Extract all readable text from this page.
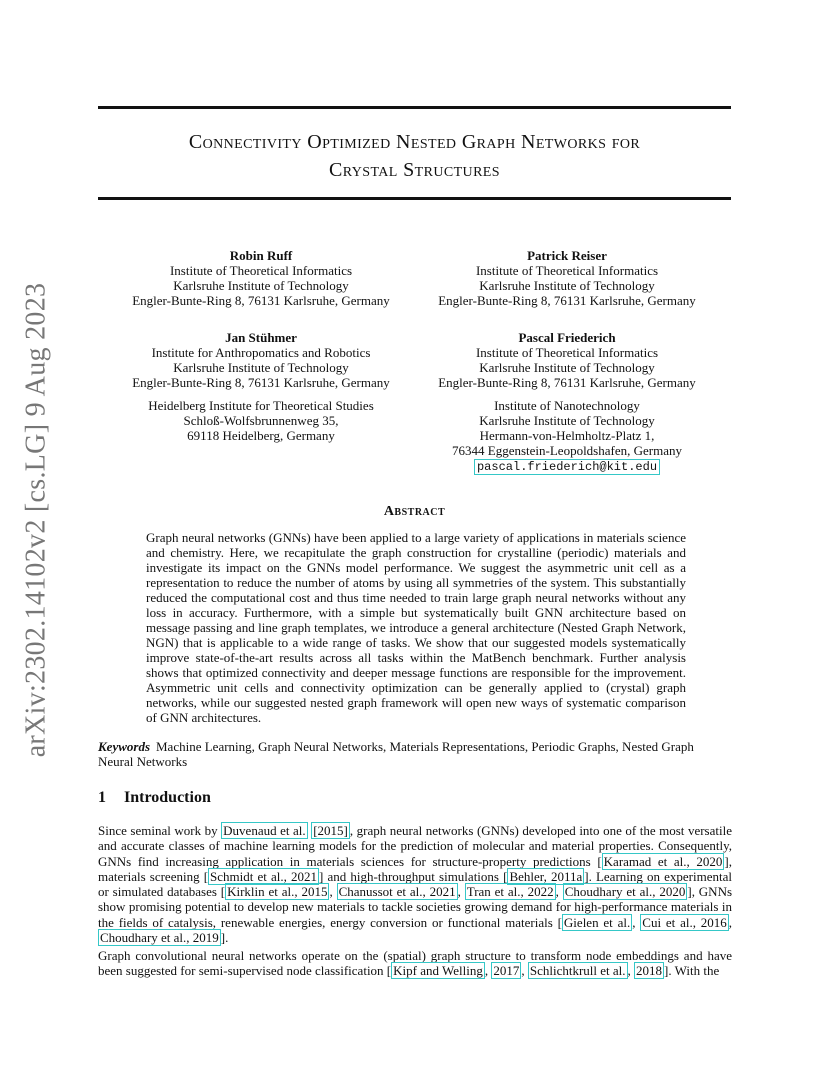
arXiv:2302.14102v2 [cs.LG] 9 Aug 2023
Connectivity Optimized Nested Graph Networks for
Crystal Structures
Robin Ruff
Institute of Theoretical Informatics
Karlsruhe Institute of Technology
Engler-Bunte-Ring 8, 76131 Karlsruhe, Germany
Patrick Reiser
Institute of Theoretical Informatics
Karlsruhe Institute of Technology
Engler-Bunte-Ring 8, 76131 Karlsruhe, Germany
Jan Stühmer
Institute for Anthropomatics and Robotics
Karlsruhe Institute of Technology
Engler-Bunte-Ring 8, 76131 Karlsruhe, Germany
Heidelberg Institute for Theoretical Studies
Schloß-Wolfsbrunnenweg 35,
69118 Heidelberg, Germany
Pascal Friederich
Institute of Theoretical Informatics
Karlsruhe Institute of Technology
Engler-Bunte-Ring 8, 76131 Karlsruhe, Germany
Institute of Nanotechnology
Karlsruhe Institute of Technology
Hermann-von-Helmholtz-Platz 1,
76344 Eggenstein-Leopoldshafen, Germany
pascal.friederich@kit.edu
Abstract
Graph neural networks (GNNs) have been applied to a large variety of applications in materials science and chemistry. Here, we recapitulate the graph construction for crystalline (periodic) materials and investigate its impact on the GNNs model performance. We suggest the asymmetric unit cell as a representation to reduce the number of atoms by using all symmetries of the system. This substantially reduced the computational cost and thus time needed to train large graph neural networks without any loss in accuracy. Furthermore, with a simple but systematically built GNN architecture based on message passing and line graph templates, we introduce a general architecture (Nested Graph Network, NGN) that is applicable to a wide range of tasks. We show that our suggested models systematically improve state-of-the-art results across all tasks within the MatBench benchmark. Further analysis shows that optimized connectivity and deeper message functions are responsible for the improvement. Asymmetric unit cells and connectivity optimization can be generally applied to (crystal) graph networks, while our suggested nested graph framework will open new ways of systematic comparison of GNN architectures.
Keywords Machine Learning, Graph Neural Networks, Materials Representations, Periodic Graphs, Nested Graph Neural Networks
1 Introduction
Since seminal work by Duvenaud et al. [2015] , graph neural networks (GNNs) developed into one of the most versatile and accurate classes of machine learning models for the prediction of molecular and material properties. Consequently, GNNs find increasing application in materials sciences for structure-property predictions [ Karamad et al., 2020 ], materials screening [ Schmidt et al., 2021 ] and high-throughput simulations [ Behler, 2011a ]. Learning on experimental or simulated databases [ Kirklin et al., 2015 , Chanussot et al., 2021 , Tran et al., 2022 , Choudhary et al., 2020 ], GNNs show promising potential to develop new materials to tackle societies growing demand for high-performance materials in the fields of catalysis, renewable energies, energy conversion or functional materials [ Gielen et al. , Cui et al., 2016 , Choudhary et al., 2019 ].
Graph convolutional neural networks operate on the (spatial) graph structure to transform node embeddings and have been suggested for semi-supervised node classification [ Kipf and Welling , 2017 , Schlichtkrull et al. , 2018 ]. With the
